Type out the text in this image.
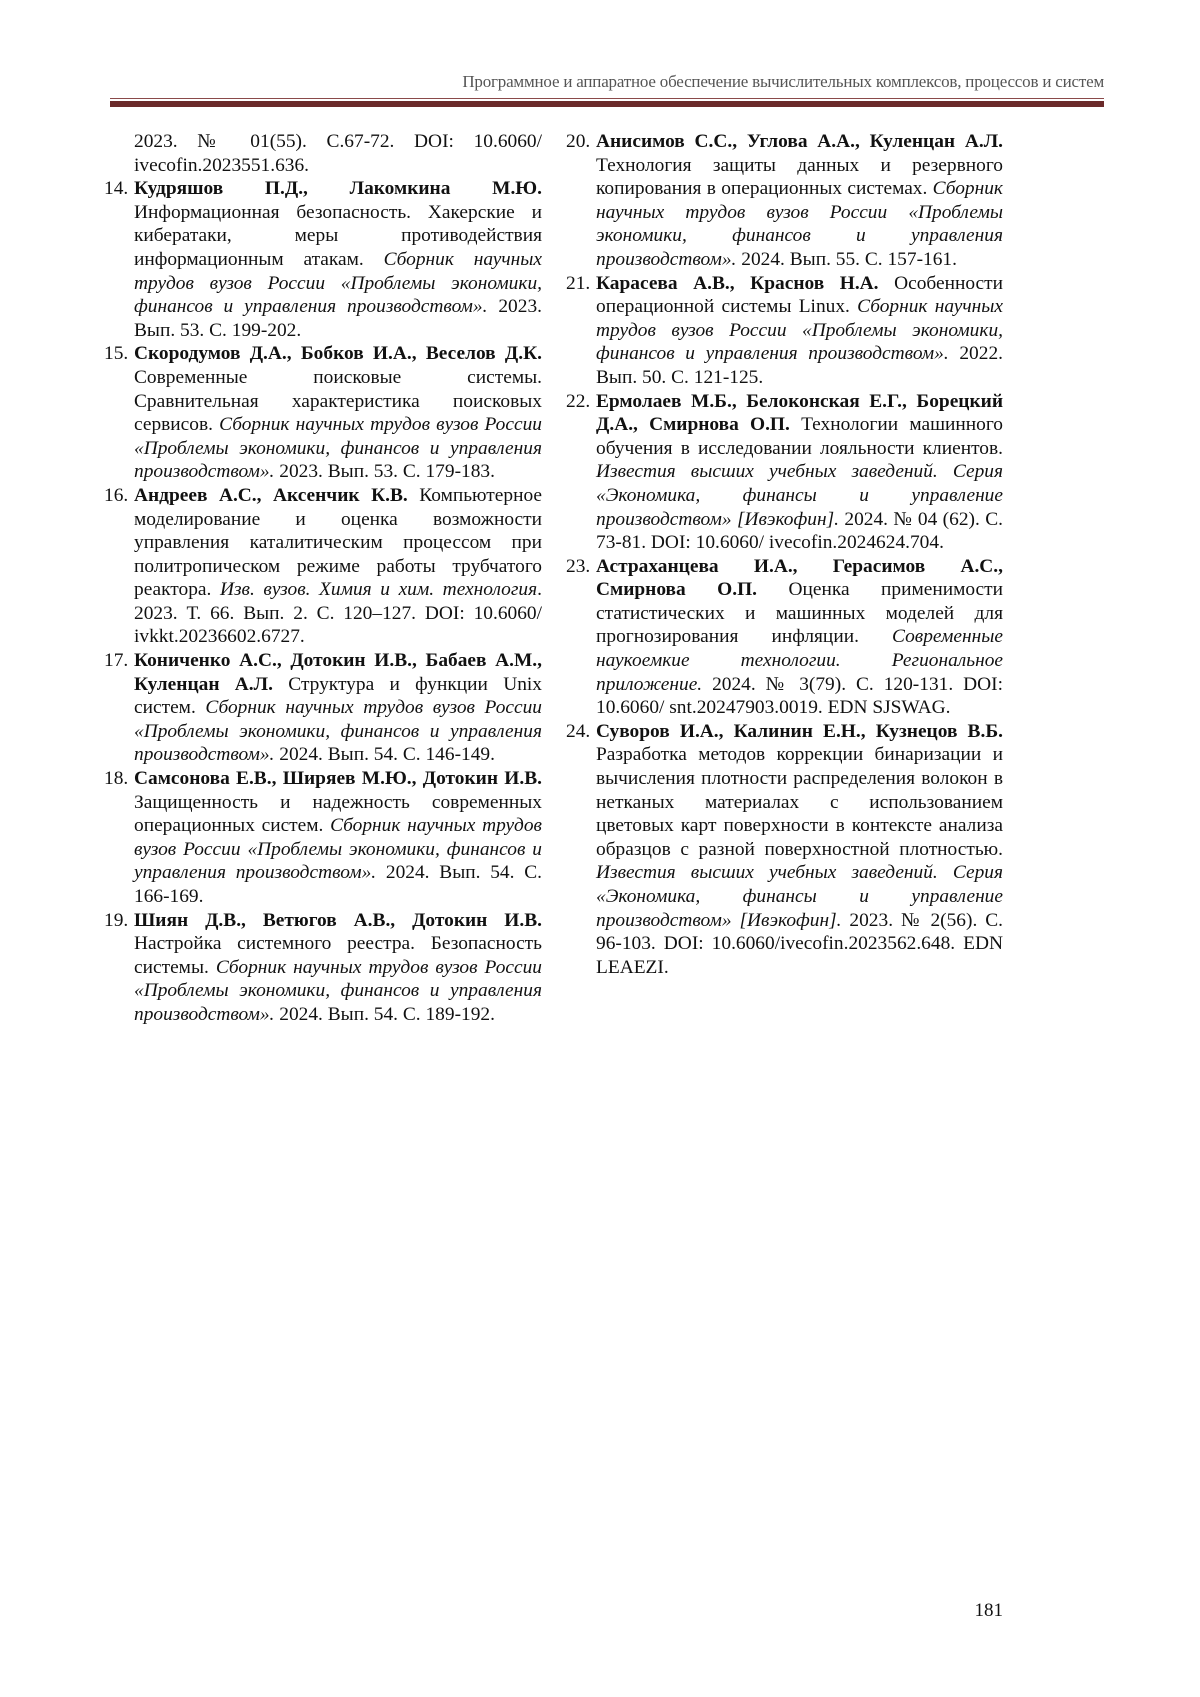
Программное и аппаратное обеспечение вычислительных комплексов, процессов и систем
2023. № 01(55). С.67-72. DOI: 10.6060/ ivecofin.2023551.636.
14. Кудряшов П.Д., Лакомкина М.Ю. Информационная безопасность. Хакерские и кибератаки, меры противодействия информационным атакам. Сборник научных трудов вузов России «Проблемы экономики, финансов и управления производством». 2023. Вып. 53. С. 199-202.
15. Скородумов Д.А., Бобков И.А., Веселов Д.К. Современные поисковые системы. Сравнительная характеристика поисковых сервисов. Сборник научных трудов вузов России «Проблемы экономики, финансов и управления производством». 2023. Вып. 53. С. 179-183.
16. Андреев А.С., Аксенчик К.В. Компьютерное моделирование и оценка возможности управления каталитическим процессом при политропическом режиме работы трубчатого реактора. Изв. вузов. Химия и хим. технология. 2023. Т. 66. Вып. 2. С. 120–127. DOI: 10.6060/ ivkkt.20236602.6727.
17. Кониченко А.С., Дотокин И.В., Бабаев А.М., Куленцан А.Л. Структура и функции Unix систем. Сборник научных трудов вузов России «Проблемы экономики, финансов и управления производством». 2024. Вып. 54. С. 146-149.
18. Самсонова Е.В., Ширяев М.Ю., Дотокин И.В. Защищенность и надежность современных операционных систем. Сборник научных трудов вузов России «Проблемы экономики, финансов и управления производством». 2024. Вып. 54. С. 166-169.
19. Шиян Д.В., Ветюгов А.В., Дотокин И.В. Настройка системного реестра. Безопасность системы. Сборник научных трудов вузов России «Проблемы экономики, финансов и управления производством». 2024. Вып. 54. С. 189-192.
20. Анисимов С.С., Углова А.А., Куленцан А.Л. Технология защиты данных и резервного копирования в операционных системах. Сборник научных трудов вузов России «Проблемы экономики, финансов и управления производством». 2024. Вып. 55. С. 157-161.
21. Карасева А.В., Краснов Н.А. Особенности операционной системы Linux. Сборник научных трудов вузов России «Проблемы экономики, финансов и управления производством». 2022. Вып. 50. С. 121-125.
22. Ермолаев М.Б., Белоконская Е.Г., Борецкий Д.А., Смирнова О.П. Технологии машинного обучения в исследовании лояльности клиентов. Известия высших учебных заведений. Серия «Экономика, финансы и управление производством» [Ивэкофин]. 2024. № 04 (62). С. 73-81. DOI: 10.6060/ ivecofin.2024624.704.
23. Астраханцева И.А., Герасимов А.С., Смирнова О.П. Оценка применимости статистических и машинных моделей для прогнозирования инфляции. Современные наукоемкие технологии. Региональное приложение. 2024. № 3(79). С. 120-131. DOI: 10.6060/ snt.20247903.0019. EDN SJSWAG.
24. Суворов И.А., Калинин Е.Н., Кузнецов В.Б. Разработка методов коррекции бинаризации и вычисления плотности распределения волокон в нетканых материалах с использованием цветовых карт поверхности в контексте анализа образцов с разной поверхностной плотностью. Известия высших учебных заведений. Серия «Экономика, финансы и управление производством» [Ивэкофин]. 2023. № 2(56). С. 96-103. DOI: 10.6060/ivecofin.2023562.648. EDN LEAEZI.
181
